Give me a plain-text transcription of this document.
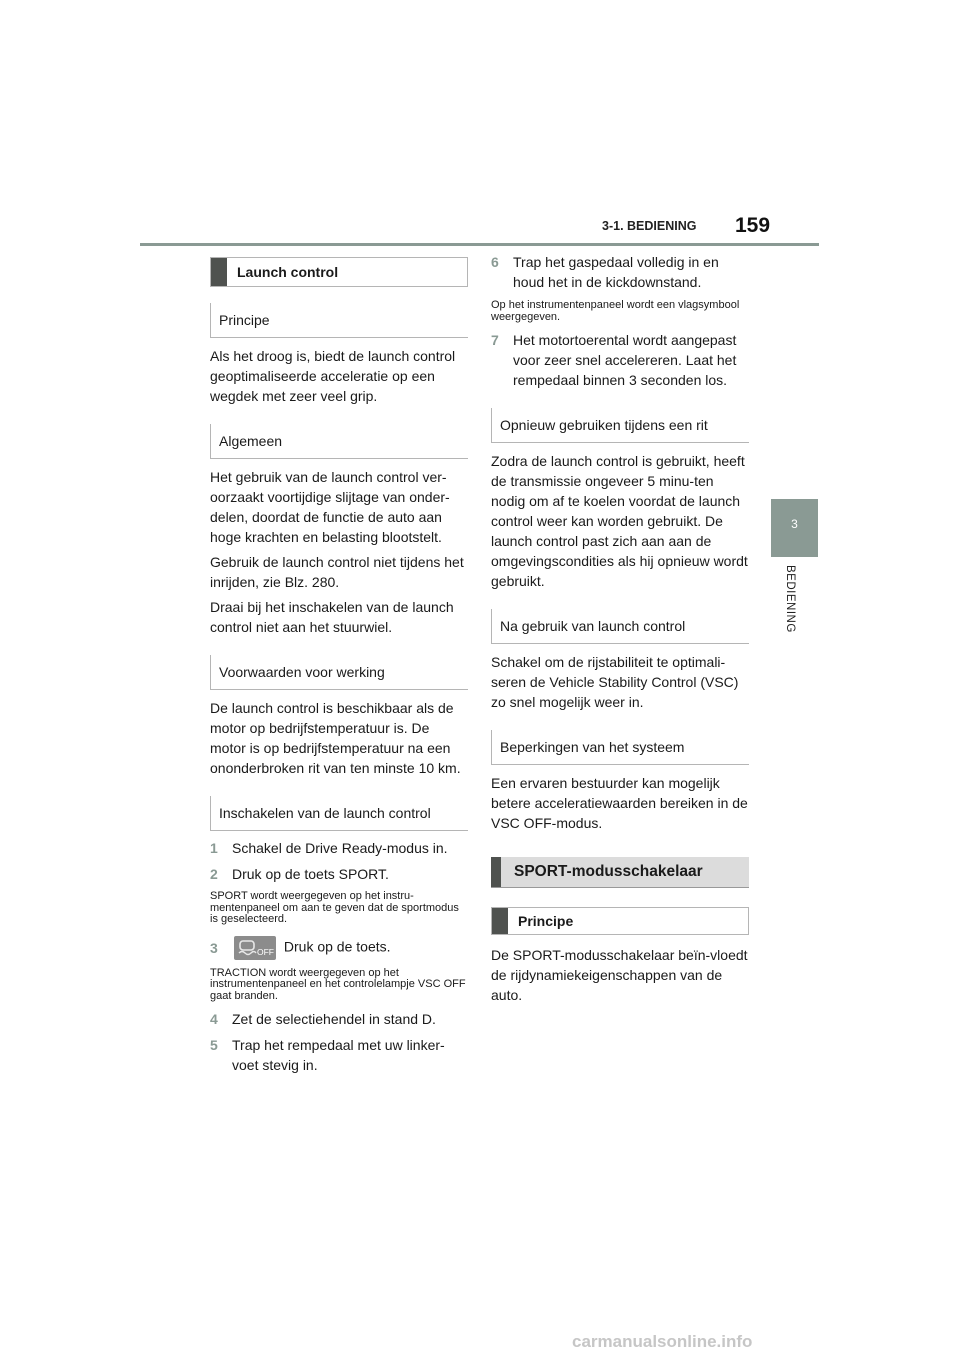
3-1. BEDIENING 159
3
BEDIENING
Launch control
Principe

Als het droog is, biedt de launch control geoptimaliseerde acceleratie op een wegdek met zeer veel grip.

Algemeen

Het gebruik van de launch control ver-oorzaakt voortijdige slijtage van onder-delen, doordat de functie de auto aan hoge krachten en belasting blootstelt.

Gebruik de launch control niet tijdens het inrijden, zie Blz. 280.

Draai bij het inschakelen van de launch control niet aan het stuurwiel.

Voorwaarden voor werking

De launch control is beschikbaar als de motor op bedrijfstemperatuur is. De motor is op bedrijfstemperatuur na een ononderbroken rit van ten minste 10 km.

Inschakelen van de launch control
1	Schakel de Drive Ready-modus in.
2	Druk op de toets SPORT.

SPORT wordt weergegeven op het instru-mentenpaneel om aan te geven dat de sportmodus is geselecteerd.

3	OFF Druk op de toets.

TRACTION wordt weergegeven op het instrumentenpaneel en het controlelampje VSC OFF gaat branden.

4	Zet de selectiehendel in stand D.
5	Trap het rempedaal met uw linker-voet stevig in.
6	Trap het gaspedaal volledig in en houd het in de kickdownstand.

Op het instrumentenpaneel wordt een vlagsymbool weergegeven.

7	Het motortoerental wordt aangepast voor zeer snel accelereren. Laat het rempedaal binnen 3 seconden los.
Opnieuw gebruiken tijdens een rit

Zodra de launch control is gebruikt, heeft de transmissie ongeveer 5 minu-ten nodig om af te koelen voordat de launch control weer kan worden gebruikt. De launch control past zich aan aan de omgevingscondities als hij opnieuw wordt gebruikt.

Na gebruik van launch control

Schakel om de rijstabiliteit te optimali-seren de Vehicle Stability Control (VSC) zo snel mogelijk weer in.

Beperkingen van het systeem

Een ervaren bestuurder kan mogelijk betere acceleratiewaarden bereiken in de VSC OFF-modus.

SPORT-modusschakelaar
Principe

De SPORT-modusschakelaar beïn-vloedt de rijdynamiekeigenschappen van de auto.

carmanualsonline.info
